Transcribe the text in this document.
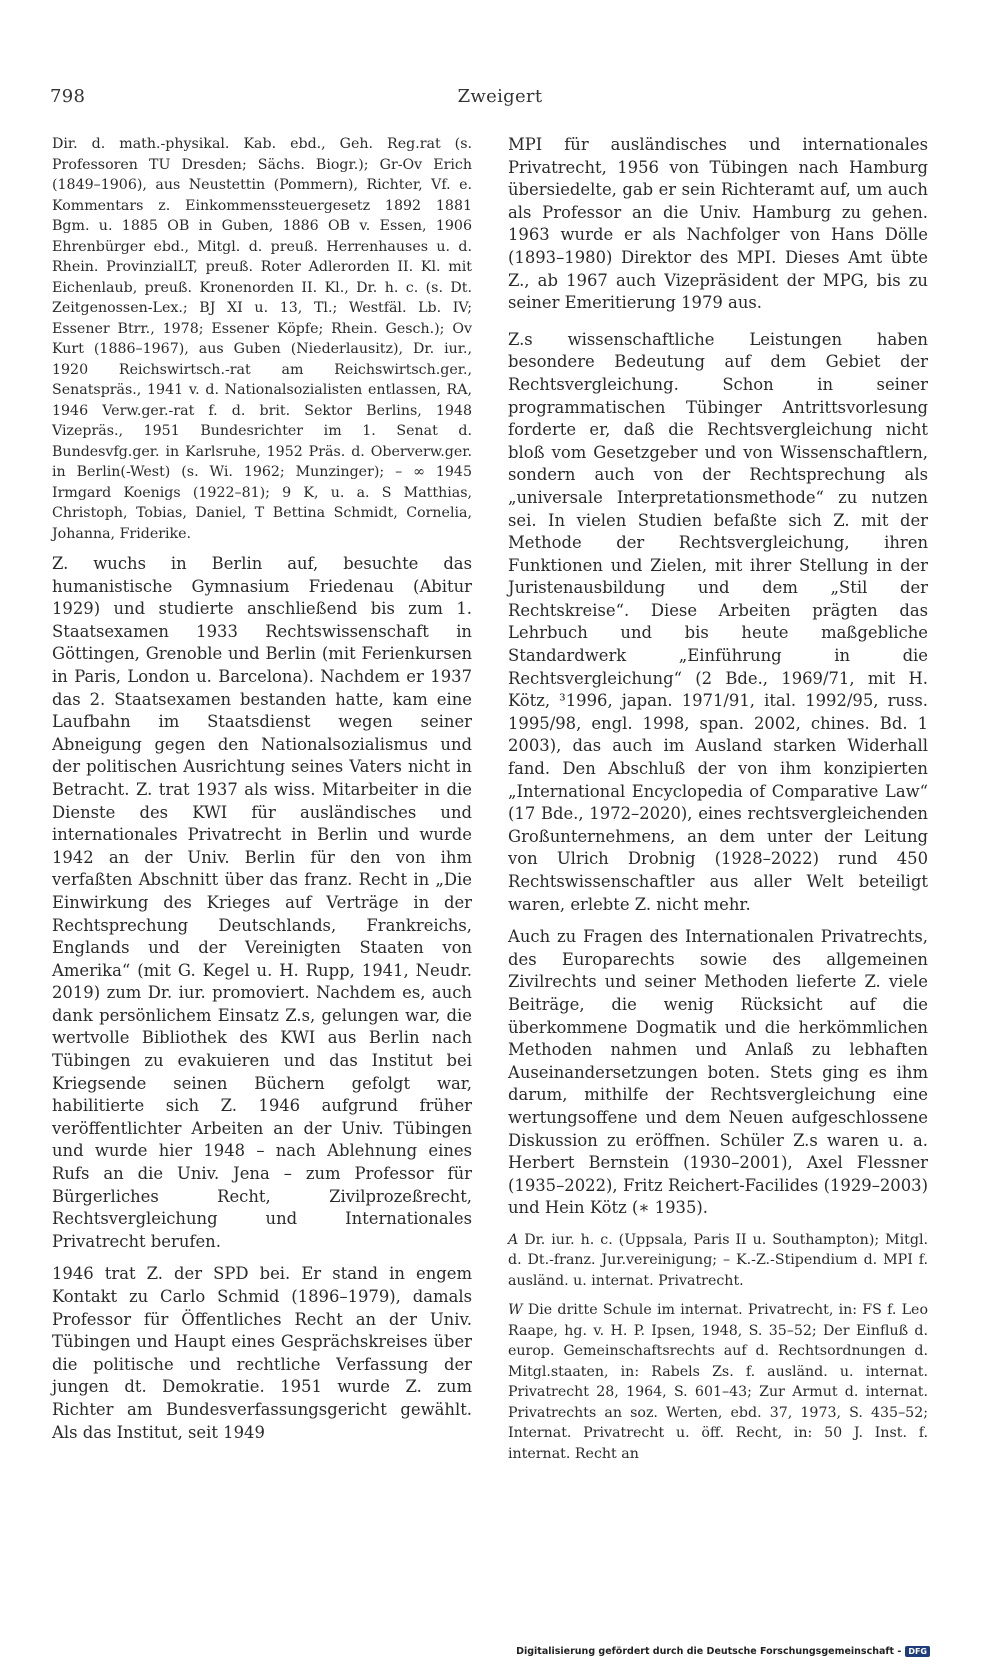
798	Zweigert

Dir. d. math.-physikal. Kab. ebd., Geh. Reg.rat (s. Professoren TU Dresden; Sächs. Biogr.); Gr-Ov Erich (1849–1906), aus Neustettin (Pommern), Richter, Vf. e. Kommentars z. Einkommenssteuergesetz 1892 1881 Bgm. u. 1885 OB in Guben, 1886 OB v. Essen, 1906 Ehrenbürger ebd., Mitgl. d. preuß. Herrenhauses u. d. Rhein. ProvinzialLT, preuß. Roter Adlerorden II. Kl. mit Eichenlaub, preuß. Kronenorden II. Kl., Dr. h. c. (s. Dt. Zeitgenossen-Lex.; BJ XI u. 13, Tl.; Westfäl. Lb. IV; Essener Btrr., 1978; Essener Köpfe; Rhein. Gesch.); Ov Kurt (1886–1967), aus Guben (Niederlausitz), Dr. iur., 1920 Reichswirtsch.-rat am Reichswirtsch.ger., Senatspräs., 1941 v. d. Nationalsozialisten entlassen, RA, 1946 Verw.ger.-rat f. d. brit. Sektor Berlins, 1948 Vizepräs., 1951 Bundesrichter im 1. Senat d. Bundesvfg.ger. in Karlsruhe, 1952 Präs. d. Oberverw.ger. in Berlin(-West) (s. Wi. 1962; Munzinger); – ∞ 1945 Irmgard Koenigs (1922–81); 9 K, u. a. S Matthias, Christoph, Tobias, Daniel, T Bettina Schmidt, Cornelia, Johanna, Friderike.

Z. wuchs in Berlin auf, besuchte das humanistische Gymnasium Friedenau (Abitur 1929) und studierte anschließend bis zum 1. Staatsexamen 1933 Rechtswissenschaft in Göttingen, Grenoble und Berlin (mit Ferienkursen in Paris, London u. Barcelona). Nachdem er 1937 das 2. Staatsexamen bestanden hatte, kam eine Laufbahn im Staatsdienst wegen seiner Abneigung gegen den Nationalsozialismus und der politischen Ausrichtung seines Vaters nicht in Betracht. Z. trat 1937 als wiss. Mitarbeiter in die Dienste des KWI für ausländisches und internationales Privatrecht in Berlin und wurde 1942 an der Univ. Berlin für den von ihm verfaßten Abschnitt über das franz. Recht in „Die Einwirkung des Krieges auf Verträge in der Rechtsprechung Deutschlands, Frankreichs, Englands und der Vereinigten Staaten von Amerika“ (mit G. Kegel u. H. Rupp, 1941, Neudr. 2019) zum Dr. iur. promoviert. Nachdem es, auch dank persönlichem Einsatz Z.s, gelungen war, die wertvolle Bibliothek des KWI aus Berlin nach Tübingen zu evakuieren und das Institut bei Kriegsende seinen Büchern gefolgt war, habilitierte sich Z. 1946 aufgrund früher veröffentlichter Arbeiten an der Univ. Tübingen und wurde hier 1948 – nach Ablehnung eines Rufs an die Univ. Jena – zum Professor für Bürgerliches Recht, Zivilprozeßrecht, Rechtsvergleichung und Internationales Privatrecht berufen.

1946 trat Z. der SPD bei. Er stand in engem Kontakt zu Carlo Schmid (1896–1979), damals Professor für Öffentliches Recht an der Univ. Tübingen und Haupt eines Gesprächskreises über die politische und rechtliche Verfassung der jungen dt. Demokratie. 1951 wurde Z. zum Richter am Bundesverfassungsgericht gewählt. Als das Institut, seit 1949

MPI für ausländisches und internationales Privatrecht, 1956 von Tübingen nach Hamburg übersiedelte, gab er sein Richteramt auf, um auch als Professor an die Univ. Hamburg zu gehen. 1963 wurde er als Nachfolger von Hans Dölle (1893–1980) Direktor des MPI. Dieses Amt übte Z., ab 1967 auch Vizepräsident der MPG, bis zu seiner Emeritierung 1979 aus.

Z.s wissenschaftliche Leistungen haben besondere Bedeutung auf dem Gebiet der Rechtsvergleichung. Schon in seiner programmatischen Tübinger Antrittsvorlesung forderte er, daß die Rechtsvergleichung nicht bloß vom Gesetzgeber und von Wissenschaftlern, sondern auch von der Rechtsprechung als „universale Interpretationsmethode“ zu nutzen sei. In vielen Studien befaßte sich Z. mit der Methode der Rechtsvergleichung, ihren Funktionen und Zielen, mit ihrer Stellung in der Juristenausbildung und dem „Stil der Rechtskreise“. Diese Arbeiten prägten das Lehrbuch und bis heute maßgebliche Standardwerk „Einführung in die Rechtsvergleichung“ (2 Bde., 1969/71, mit H. Kötz, ³1996, japan. 1971/91, ital. 1992/95, russ. 1995/98, engl. 1998, span. 2002, chines. Bd. 1 2003), das auch im Ausland starken Widerhall fand. Den Abschluß der von ihm konzipierten „International Encyclopedia of Comparative Law“ (17 Bde., 1972–2020), eines rechtsvergleichenden Großunternehmens, an dem unter der Leitung von Ulrich Drobnig (1928–2022) rund 450 Rechtswissenschaftler aus aller Welt beteiligt waren, erlebte Z. nicht mehr.

Auch zu Fragen des Internationalen Privatrechts, des Europarechts sowie des allgemeinen Zivilrechts und seiner Methoden lieferte Z. viele Beiträge, die wenig Rücksicht auf die überkommene Dogmatik und die herkömmlichen Methoden nahmen und Anlaß zu lebhaften Auseinandersetzungen boten. Stets ging es ihm darum, mithilfe der Rechtsvergleichung eine wertungsoffene und dem Neuen aufgeschlossene Diskussion zu eröffnen. Schüler Z.s waren u. a. Herbert Bernstein (1930–2001), Axel Flessner (1935–2022), Fritz Reichert-Facilides (1929–2003) und Hein Kötz (∗ 1935).

A Dr. iur. h. c. (Uppsala, Paris II u. Southampton); Mitgl. d. Dt.-franz. Jur.vereinigung; – K.-Z.-Stipendium d. MPI f. ausländ. u. internat. Privatrecht.

W Die dritte Schule im internat. Privatrecht, in: FS f. Leo Raape, hg. v. H. P. Ipsen, 1948, S. 35–52; Der Einfluß d. europ. Gemeinschaftsrechts auf d. Rechtsordnungen d. Mitgl.staaten, in: Rabels Zs. f. ausländ. u. internat. Privatrecht 28, 1964, S. 601–43; Zur Armut d. internat. Privatrechts an soz. Werten, ebd. 37, 1973, S. 435–52; Internat. Privatrecht u. öff. Recht, in: 50 J. Inst. f. internat. Recht an

Digitalisierung gefördert durch die Deutsche Forschungsgemeinschaft - DFG
